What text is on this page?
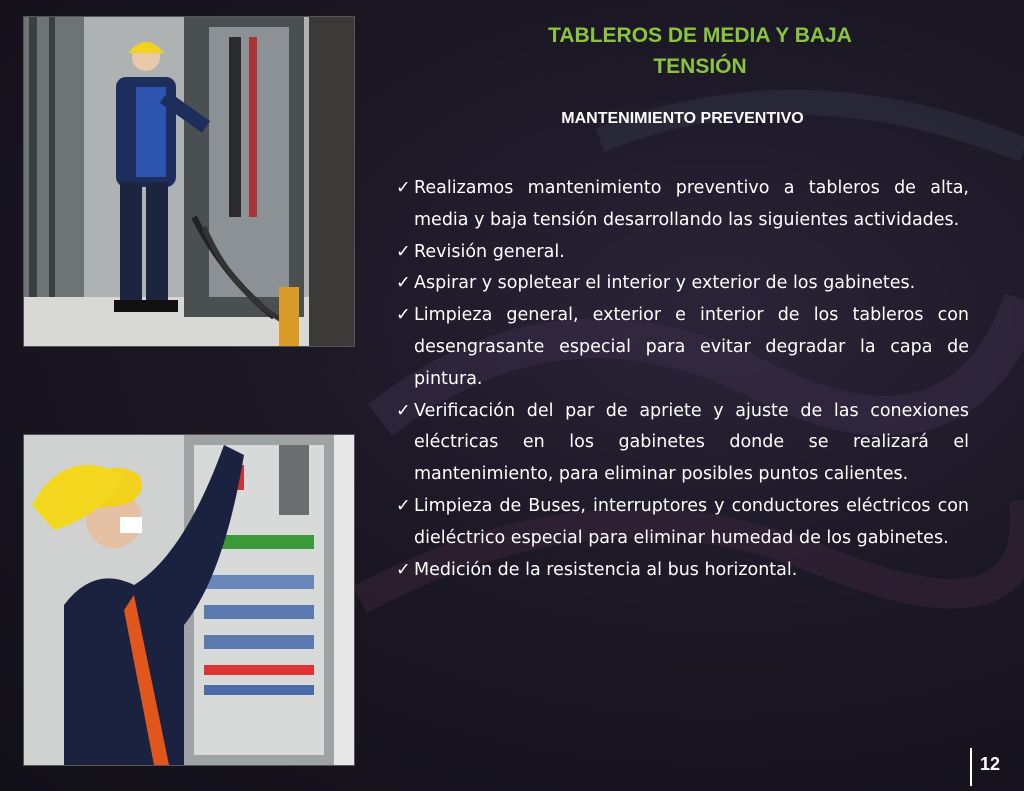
TABLEROS DE MEDIA Y BAJA
TENSIÓN
MANTENIMIENTO PREVENTIVO
✓ Realizamos mantenimiento preventivo a tableros de alta, media y baja tensión desarrollando las siguientes actividades.
✓ Revisión general.
✓ Aspirar y sopletear el interior y exterior de los gabinetes.
✓ Limpieza general, exterior e interior de los tableros con desengrasante especial para evitar degradar la capa de pintura.
✓ Verificación del par de apriete y ajuste de las conexiones eléctricas en los gabinetes donde se realizará el mantenimiento, para eliminar posibles puntos calientes.
✓ Limpieza de Buses, interruptores y conductores eléctricos con dieléctrico especial para eliminar humedad de los gabinetes.
✓ Medición de la resistencia al bus horizontal.
12
